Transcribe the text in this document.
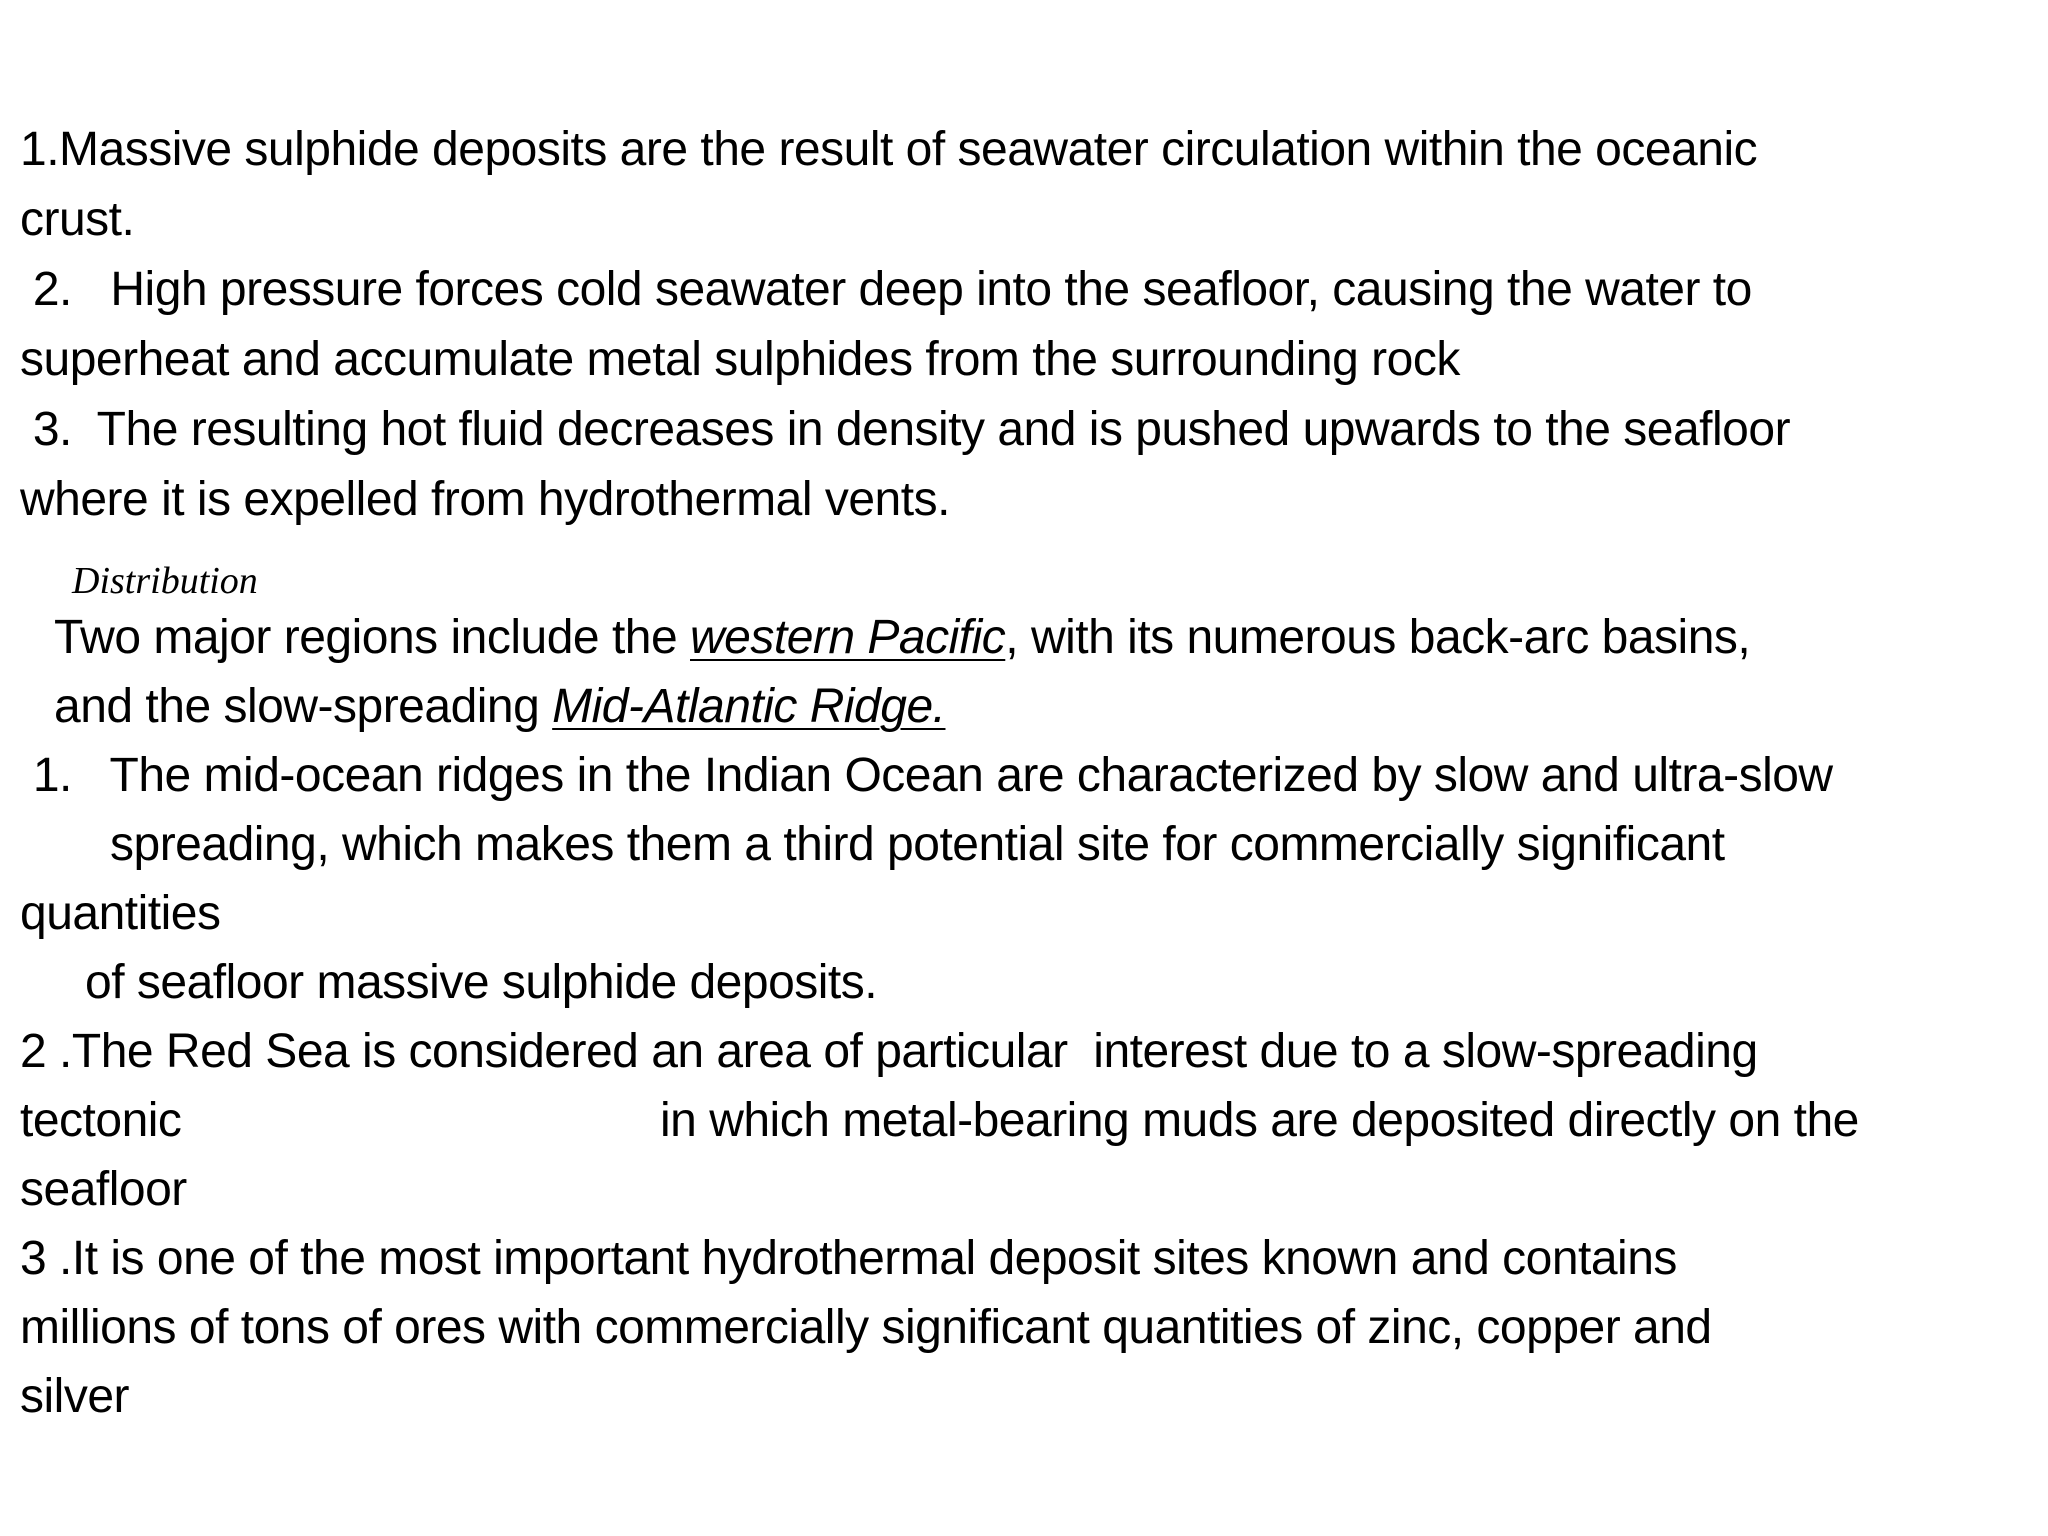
1.Massive sulphide deposits are the result of seawater circulation within the oceanic
crust.
2.   High pressure forces cold seawater deep into the seafloor, causing the water to
superheat and accumulate metal sulphides from the surrounding rock
3.  The resulting hot fluid decreases in density and is pushed upwards to the seafloor
where it is expelled from hydrothermal vents.
Distribution
Two major regions include the western Pacific, with its numerous back-arc basins,
and the slow-spreading Mid-Atlantic Ridge.
1.   The mid-ocean ridges in the Indian Ocean are characterized by slow and ultra-slow
spreading, which makes them a third potential site for commercially significant
quantities
of seafloor massive sulphide deposits.
2 .The Red Sea is considered an area of particular  interest due to a slow-spreading
tectonic	in which metal-bearing muds are deposited directly on the
seafloor
3 .It is one of the most important hydrothermal deposit sites known and contains
millions of tons of ores with commercially significant quantities of zinc, copper and
silver
